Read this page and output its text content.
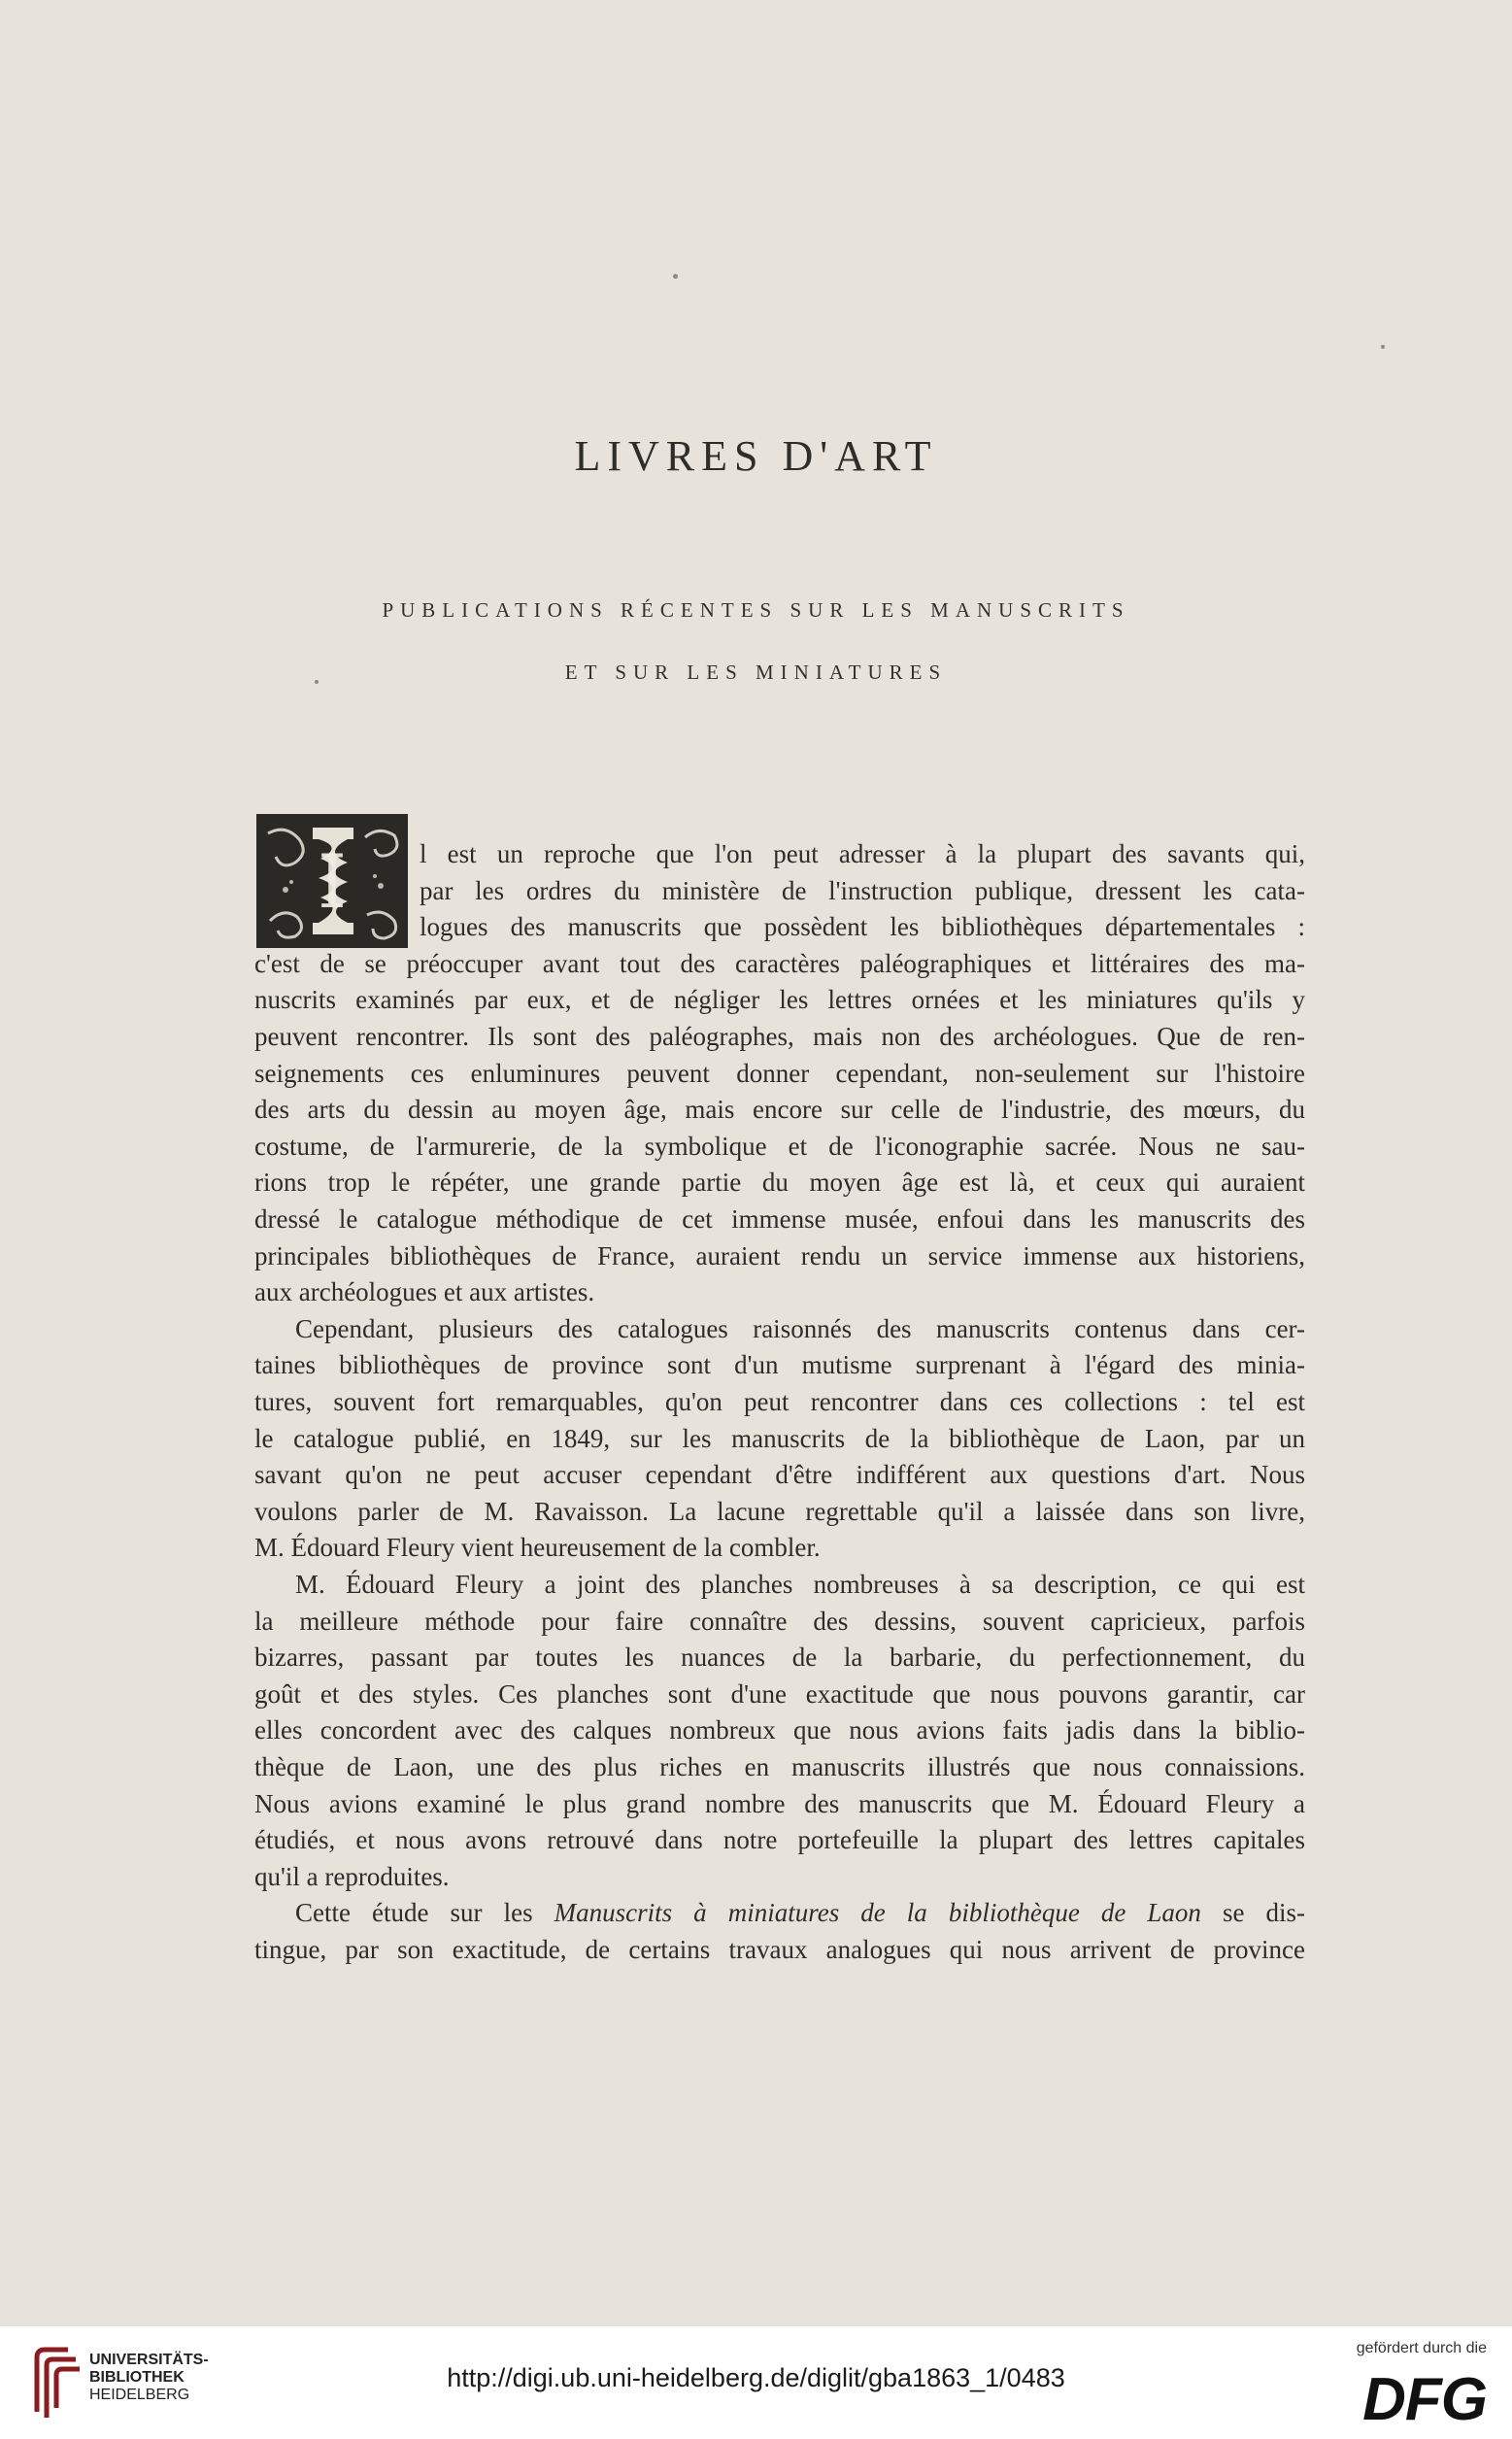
LIVRES D'ART

PUBLICATIONS RÉCENTES SUR LES MANUSCRITS

ET SUR LES MINIATURES

I	l est un reproche que l'on peut adresser à la plupart des savants qui,
par les ordres du ministère de l'instruction publique, dressent les cata-
logues des manuscrits que possèdent les bibliothèques départementales :
c'est de se préoccuper avant tout des caractères paléographiques et littéraires des ma-
nuscrits examinés par eux, et de négliger les lettres ornées et les miniatures qu'ils y
peuvent rencontrer. Ils sont des paléographes, mais non des archéologues. Que de ren-
seignements ces enluminures peuvent donner cependant, non-seulement sur l'histoire
des arts du dessin au moyen âge, mais encore sur celle de l'industrie, des mœurs, du
costume, de l'armurerie, de la symbolique et de l'iconographie sacrée. Nous ne sau-
rions trop le répéter, une grande partie du moyen âge est là, et ceux qui auraient
dressé le catalogue méthodique de cet immense musée, enfoui dans les manuscrits des
principales bibliothèques de France, auraient rendu un service immense aux historiens,
aux archéologues et aux artistes.
Cependant, plusieurs des catalogues raisonnés des manuscrits contenus dans cer-
taines bibliothèques de province sont d'un mutisme surprenant à l'égard des minia-
tures, souvent fort remarquables, qu'on peut rencontrer dans ces collections : tel est
le catalogue publié, en 1849, sur les manuscrits de la bibliothèque de Laon, par un
savant qu'on ne peut accuser cependant d'être indifférent aux questions d'art. Nous
voulons parler de M. Ravaisson. La lacune regrettable qu'il a laissée dans son livre,
M. Édouard Fleury vient heureusement de la combler.
M. Édouard Fleury a joint des planches nombreuses à sa description, ce qui est
la meilleure méthode pour faire connaître des dessins, souvent capricieux, parfois
bizarres, passant par toutes les nuances de la barbarie, du perfectionnement, du
goût et des styles. Ces planches sont d'une exactitude que nous pouvons garantir, car
elles concordent avec des calques nombreux que nous avions faits jadis dans la biblio-
thèque de Laon, une des plus riches en manuscrits illustrés que nous connaissions.
Nous avions examiné le plus grand nombre des manuscrits que M. Édouard Fleury a
étudiés, et nous avons retrouvé dans notre portefeuille la plupart des lettres capitales
qu'il a reproduites.
Cette étude sur les Manuscrits à miniatures de la bibliothèque de Laon se dis-
tingue, par son exactitude, de certains travaux analogues qui nous arrivent de province
UNIVERSITÄTS-
BIBLIOTHEK
HEIDELBERG
http://digi.ub.uni-heidelberg.de/diglit/gba1863_1/0483
gefördert durch die
DFG
